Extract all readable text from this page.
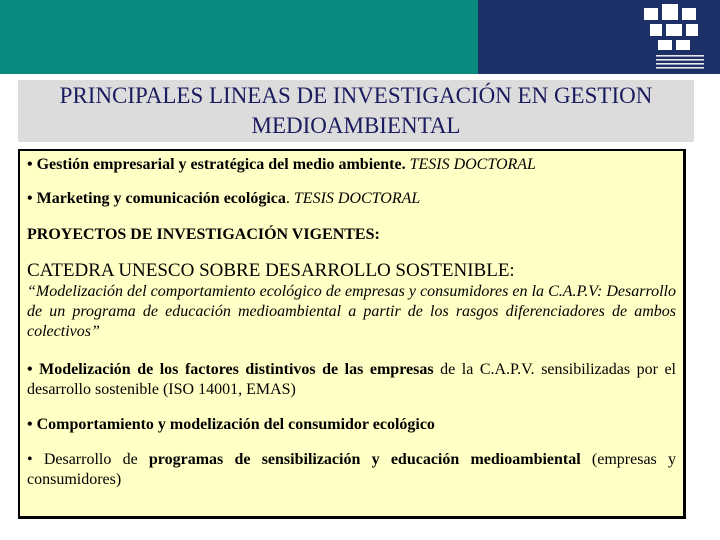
PRINCIPALES LINEAS DE INVESTIGACIÓN EN GESTION
MEDIOAMBIENTAL

• Gestión empresarial y estratégica del medio ambiente. TESIS DOCTORAL

• Marketing y comunicación ecológica. TESIS DOCTORAL

PROYECTOS DE INVESTIGACIÓN VIGENTES:

CATEDRA UNESCO SOBRE DESARROLLO SOSTENIBLE:

“Modelización del comportamiento ecológico de empresas y consumidores en la C.A.P.V: Desarrollo de un programa de educación medioambiental a partir de los rasgos diferenciadores de ambos colectivos”

• Modelización de los factores distintivos de las empresas de la C.A.P.V. sensibilizadas por el desarrollo sostenible (ISO 14001, EMAS)

• Comportamiento y modelización del consumidor ecológico

• Desarrollo de programas de sensibilización y educación medioambiental (empresas y consumidores)
